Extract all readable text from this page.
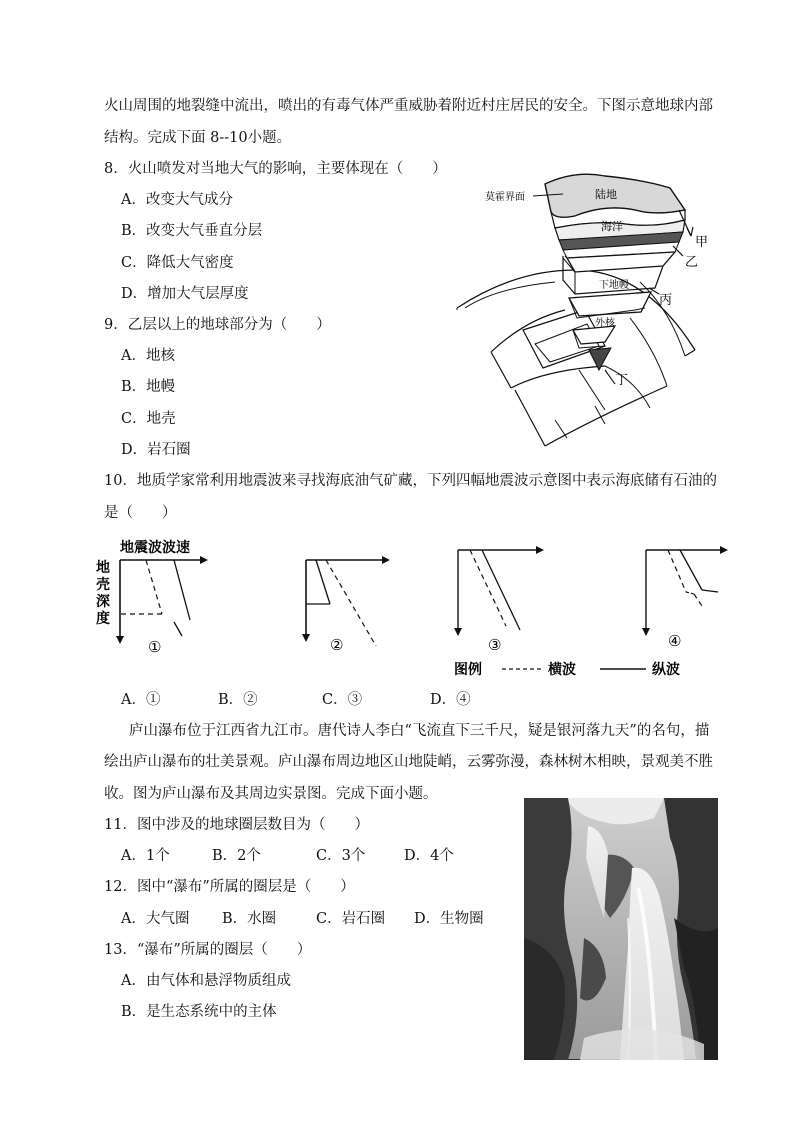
火山周围的地裂缝中流出，喷出的有毒气体严重威胁着附近村庄居民的安全。下图示意地球内部
结构。完成下面 8--10小题。
8．火山喷发对当地大气的影响，主要体现在（　　）
A．改变大气成分
B．改变大气垂直分层
C．降低大气密度
D．增加大气层厚度
9．乙层以上的地球部分为（　　）
A．地核
B．地幔
C．地壳
D．岩石圈
陆地
海洋
莫霍界面
下地幔
外核
甲
乙
丙
丁
10．地质学家常利用地震波来寻找海底油气矿藏，下列四幅地震波示意图中表示海底储有石油的
是（　　）
地震波波速
地
壳
深
度
①	②	③	④
图例	横波	纵波
A．①	B．②	C．③	D．④
庐山瀑布位于江西省九江市。唐代诗人李白“飞流直下三千尺，疑是银河落九天”的名句，描
绘出庐山瀑布的壮美景观。庐山瀑布周边地区山地陡峭，云雾弥漫，森林树木相映，景观美不胜
收。图为庐山瀑布及其周边实景图。完成下面小题。
11．图中涉及的地球圈层数目为（　　）
A．1个	B．2个	C．3个	D．4个
12．图中“瀑布”所属的圈层是（　　）
A．大气圈 B．水圈	C．岩石圈 D．生物圈
13．“瀑布”所属的圈层（　　）
A．由气体和悬浮物质组成
B．是生态系统中的主体
